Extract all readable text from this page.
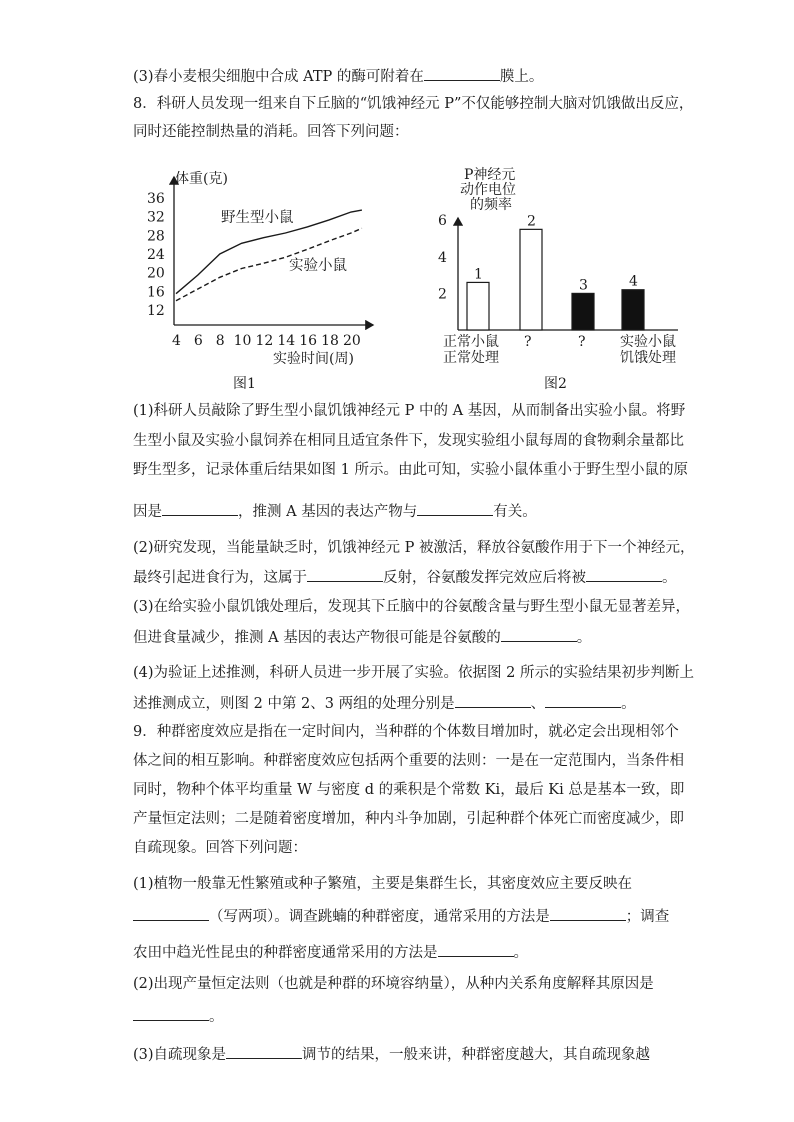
(3)春小麦根尖细胞中合成 ATP 的酶可附着在	膜上。
8．科研人员发现一组来自下丘脑的“饥饿神经元 P”不仅能够控制大脑对饥饿做出反应，
同时还能控制热量的消耗。回答下列问题：
(1)科研人员敲除了野生型小鼠饥饿神经元 P 中的 A 基因，从而制备出实验小鼠。将野
生型小鼠及实验小鼠饲养在相同且适宜条件下，发现实验组小鼠每周的食物剩余量都比
野生型多，记录体重后结果如图 1 所示。由此可知，实验小鼠体重小于野生型小鼠的原
因是	，推测 A 基因的表达产物与	有关。
(2)研究发现，当能量缺乏时，饥饿神经元 P 被激活，释放谷氨酸作用于下一个神经元，
最终引起进食行为，这属于	反射，谷氨酸发挥完效应后将被	。
(3)在给实验小鼠饥饿处理后，发现其下丘脑中的谷氨酸含量与野生型小鼠无显著差异，
但进食量减少，推测 A 基因的表达产物很可能是谷氨酸的	。
(4)为验证上述推测，科研人员进一步开展了实验。依据图 2 所示的实验结果初步判断上
述推测成立，则图 2 中第 2、3 两组的处理分别是	、	。
9．种群密度效应是指在一定时间内，当种群的个体数目增加时，就必定会出现相邻个
体之间的相互影响。种群密度效应包括两个重要的法则：一是在一定范围内，当条件相
同时，物种个体平均重量 W 与密度 d 的乘积是个常数 Ki，最后 Ki 总是基本一致，即
产量恒定法则；二是随着密度增加，种内斗争加剧，引起种群个体死亡而密度减少，即
自疏现象。回答下列问题：
(1)植物一般靠无性繁殖或种子繁殖，主要是集群生长，其密度效应主要反映在
（写两项）。调查跳蝻的种群密度，通常采用的方法是	；调查
农田中趋光性昆虫的种群密度通常采用的方法是	。
(2)出现产量恒定法则（也就是种群的环境容纳量），从种内关系角度解释其原因是
。
(3)自疏现象是	调节的结果，一般来讲，种群密度越大，其自疏现象越
体重(克)
36
32
28
24
20
16
12
4 6 8 10 12 14 16 18 20
野生型小鼠
实验小鼠
实验时间(周)
图1
P神经元
动作电位
的频率
6
4
2
1
2
3	4
正常小鼠
正常处理
?	? 实验小鼠
饥饿处理
图2
